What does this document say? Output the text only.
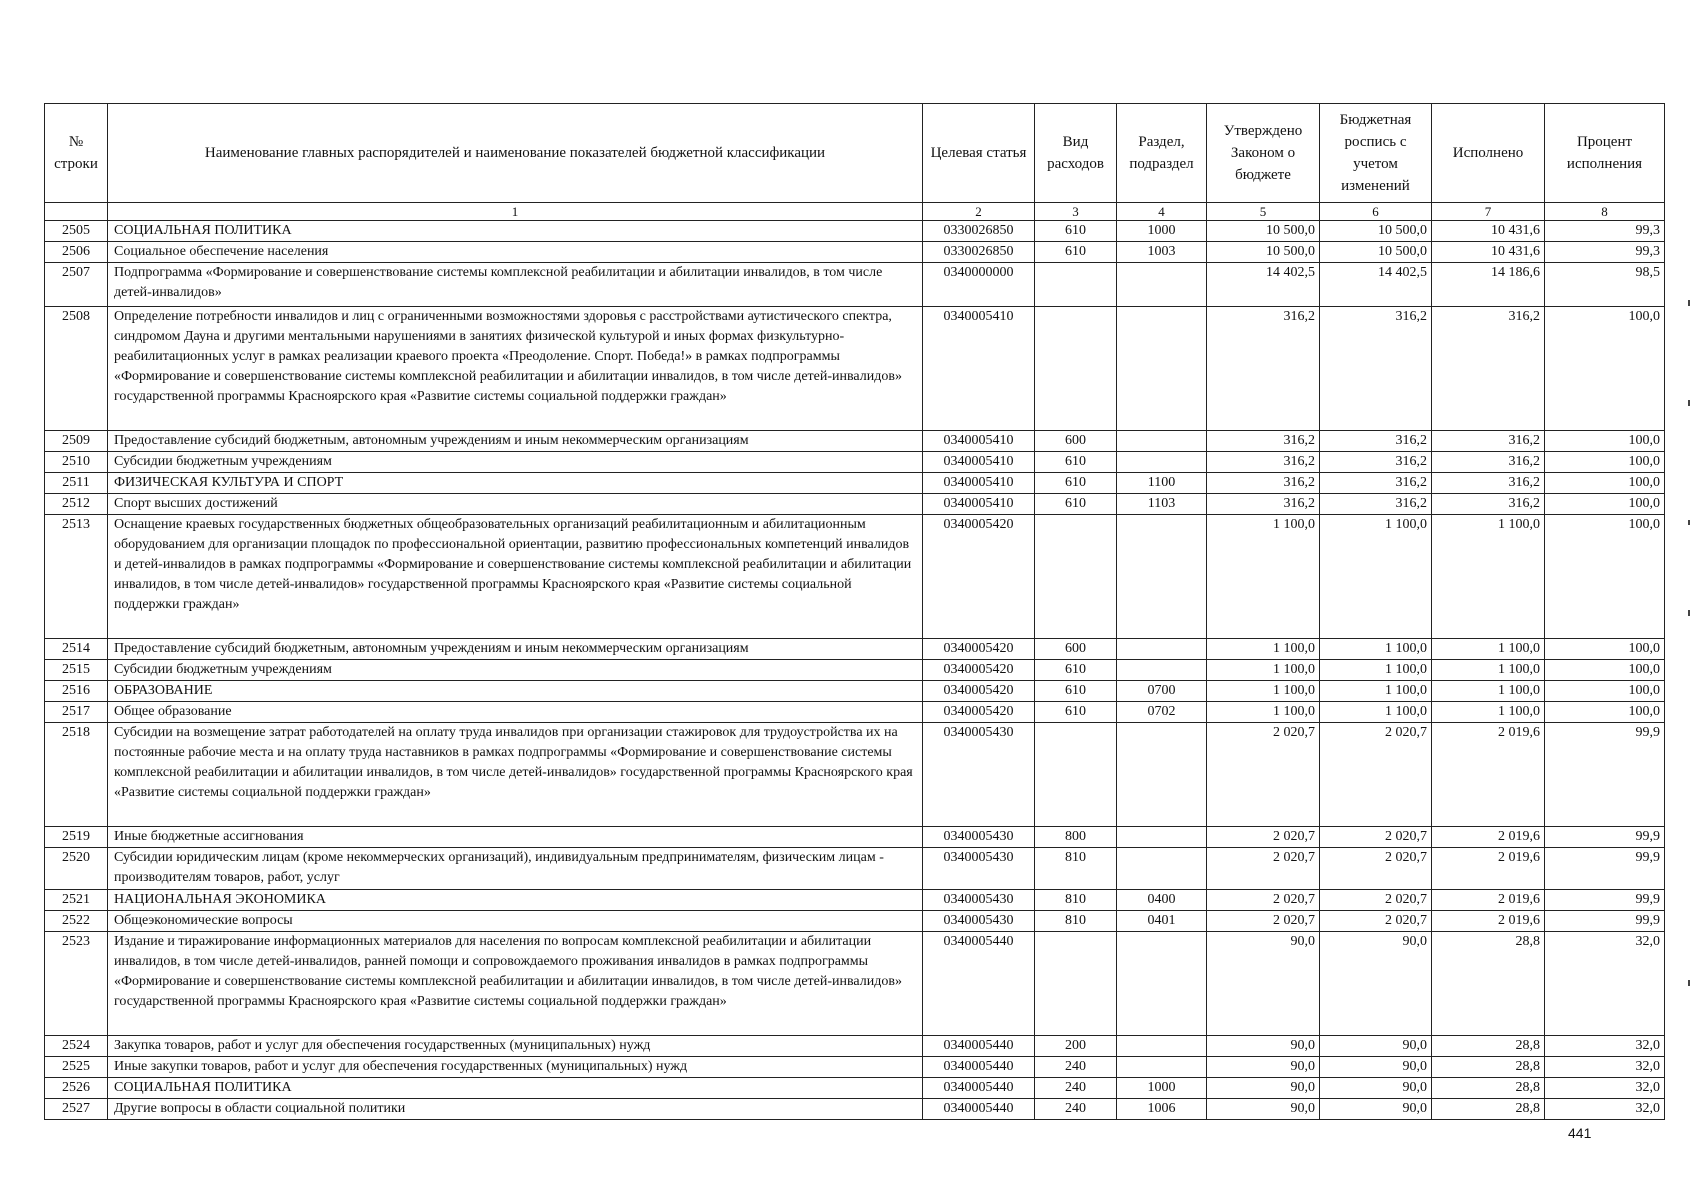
№ строки	Наименование главных распорядителей и наименование показателей бюджетной классификации	Целевая статья	Вид расходов	Раздел, подраздел	Утверждено Законом о бюджете	Бюджетная роспись с учетом изменений	Исполнено	Процент исполнения
	1	2	3	4	5	6	7	8
2505	СОЦИАЛЬНАЯ ПОЛИТИКА	0330026850	610	1000	10 500,0	10 500,0	10 431,6	99,3
2506	Социальное обеспечение населения	0330026850	610	1003	10 500,0	10 500,0	10 431,6	99,3
2507	Подпрограмма «Формирование и совершенствование системы комплексной реабилитации и абилитации инвалидов, в том числе детей-инвалидов»	0340000000			14 402,5	14 402,5	14 186,6	98,5
2508	Определение потребности инвалидов и лиц с ограниченными возможностями здоровья с расстройствами аутистического спектра, синдромом Дауна и другими ментальными нарушениями в занятиях физической культурой и иных формах физкультурно-реабилитационных услуг в рамках реализации краевого проекта «Преодоление. Спорт. Победа!» в рамках подпрограммы «Формирование и совершенствование системы комплексной реабилитации и абилитации инвалидов, в том числе детей-инвалидов» государственной программы Красноярского края «Развитие системы социальной поддержки граждан»	0340005410			316,2	316,2	316,2	100,0
2509	Предоставление субсидий бюджетным, автономным учреждениям и иным некоммерческим организациям	0340005410	600		316,2	316,2	316,2	100,0
2510	Субсидии бюджетным учреждениям	0340005410	610		316,2	316,2	316,2	100,0
2511	ФИЗИЧЕСКАЯ КУЛЬТУРА И СПОРТ	0340005410	610	1100	316,2	316,2	316,2	100,0
2512	Спорт высших достижений	0340005410	610	1103	316,2	316,2	316,2	100,0
2513	Оснащение краевых государственных бюджетных общеобразовательных организаций реабилитационным и абилитационным оборудованием для организации площадок по профессиональной ориентации, развитию профессиональных компетенций инвалидов и детей-инвалидов в рамках подпрограммы «Формирование и совершенствование системы комплексной реабилитации и абилитации инвалидов, в том числе детей-инвалидов» государственной программы Красноярского края «Развитие системы социальной поддержки граждан»	0340005420			1 100,0	1 100,0	1 100,0	100,0
2514	Предоставление субсидий бюджетным, автономным учреждениям и иным некоммерческим организациям	0340005420	600		1 100,0	1 100,0	1 100,0	100,0
2515	Субсидии бюджетным учреждениям	0340005420	610		1 100,0	1 100,0	1 100,0	100,0
2516	ОБРАЗОВАНИЕ	0340005420	610	0700	1 100,0	1 100,0	1 100,0	100,0
2517	Общее образование	0340005420	610	0702	1 100,0	1 100,0	1 100,0	100,0
2518	Субсидии на возмещение затрат работодателей на оплату труда инвалидов при организации стажировок для трудоустройства их на постоянные рабочие места и на оплату труда наставников в рамках подпрограммы «Формирование и совершенствование системы комплексной реабилитации и абилитации инвалидов, в том числе детей-инвалидов» государственной программы Красноярского края «Развитие системы социальной поддержки граждан»	0340005430			2 020,7	2 020,7	2 019,6	99,9
2519	Иные бюджетные ассигнования	0340005430	800		2 020,7	2 020,7	2 019,6	99,9
2520	Субсидии юридическим лицам (кроме некоммерческих организаций), индивидуальным предпринимателям, физическим лицам - производителям товаров, работ, услуг	0340005430	810		2 020,7	2 020,7	2 019,6	99,9
2521	НАЦИОНАЛЬНАЯ ЭКОНОМИКА	0340005430	810	0400	2 020,7	2 020,7	2 019,6	99,9
2522	Общеэкономические вопросы	0340005430	810	0401	2 020,7	2 020,7	2 019,6	99,9
2523	Издание и тиражирование информационных материалов для населения по вопросам комплексной реабилитации и абилитации инвалидов, в том числе детей-инвалидов, ранней помощи и сопровождаемого проживания инвалидов в рамках подпрограммы «Формирование и совершенствование системы комплексной реабилитации и абилитации инвалидов, в том числе детей-инвалидов» государственной программы Красноярского края «Развитие системы социальной поддержки граждан»	0340005440			90,0	90,0	28,8	32,0
2524	Закупка товаров, работ и услуг для обеспечения государственных (муниципальных) нужд	0340005440	200		90,0	90,0	28,8	32,0
2525	Иные закупки товаров, работ и услуг для обеспечения государственных (муниципальных) нужд	0340005440	240		90,0	90,0	28,8	32,0
2526	СОЦИАЛЬНАЯ ПОЛИТИКА	0340005440	240	1000	90,0	90,0	28,8	32,0
2527	Другие вопросы в области социальной политики	0340005440	240	1006	90,0	90,0	28,8	32,0
441
